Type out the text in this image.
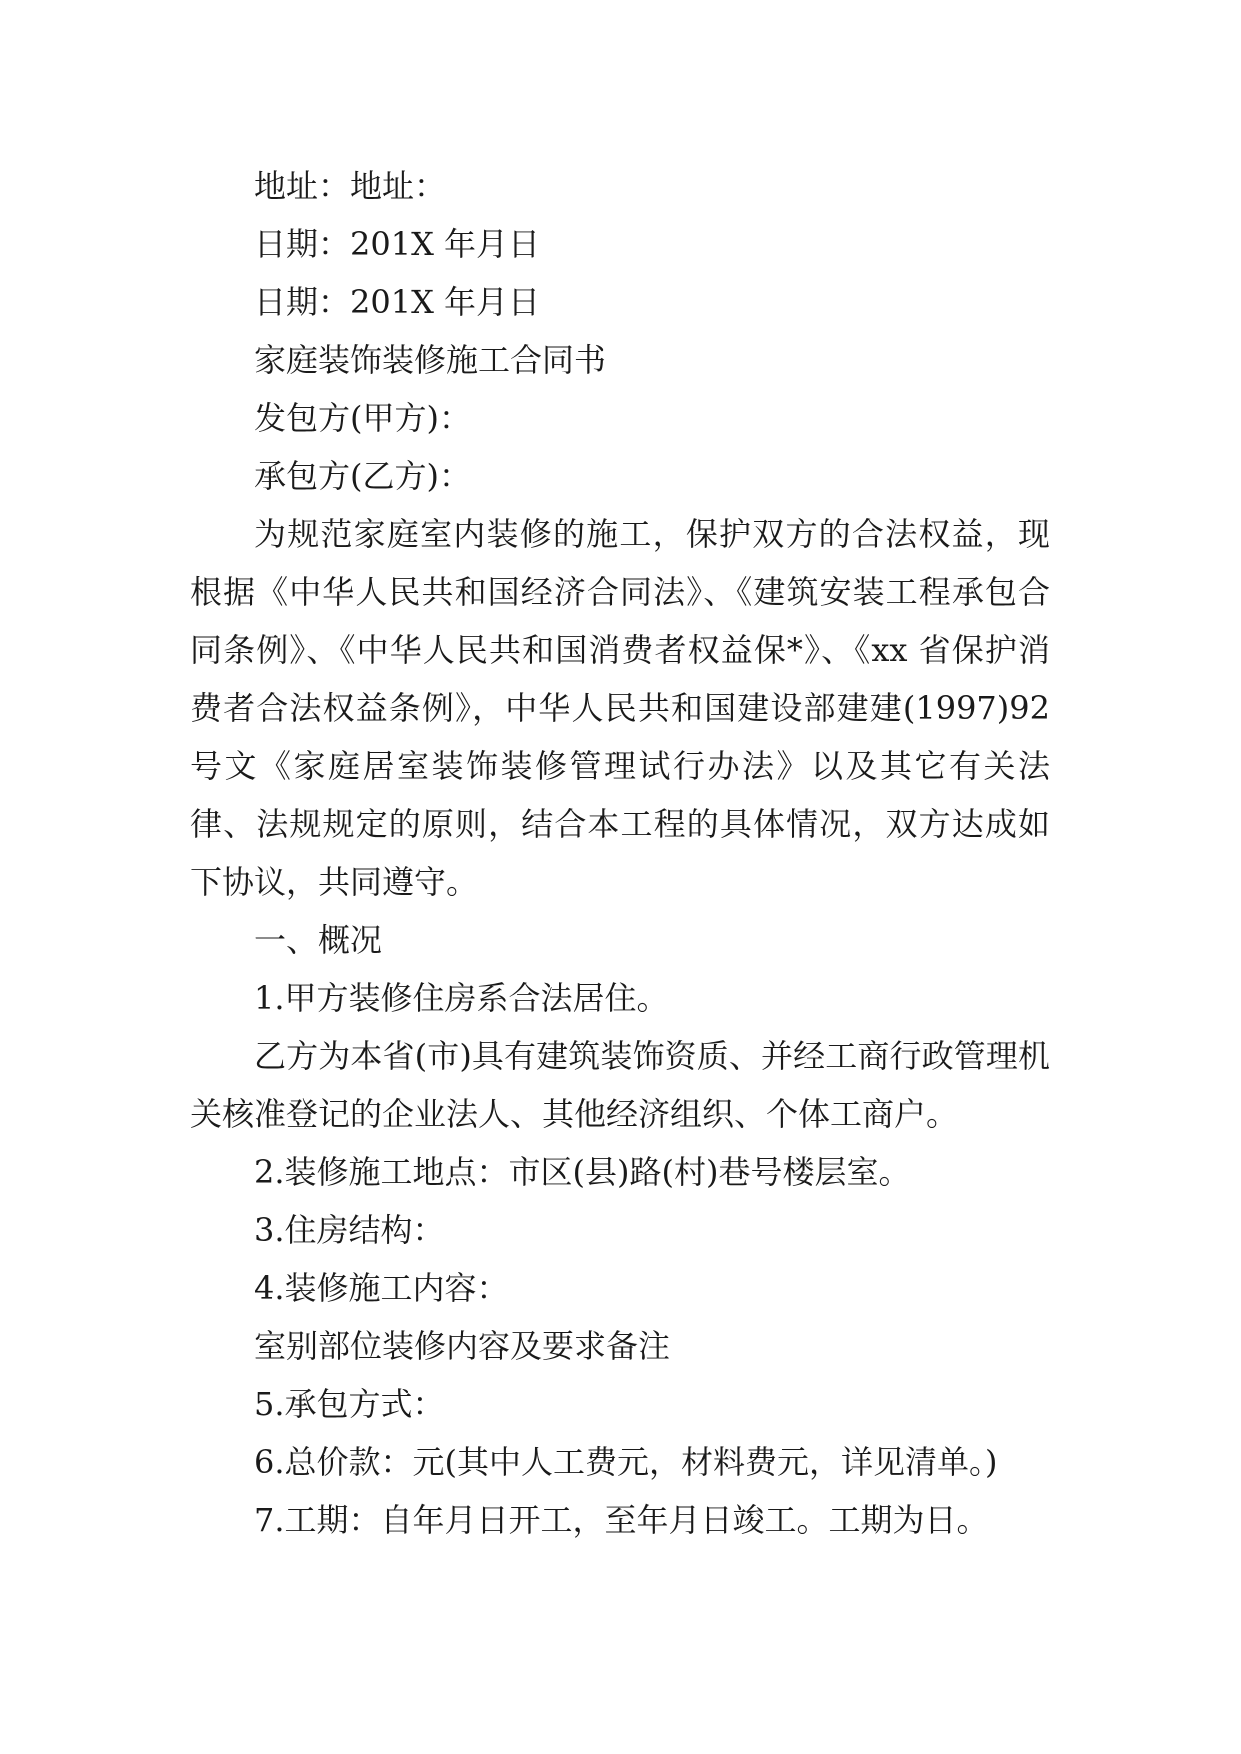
地址：地址：

日期：201X 年月日

日期：201X 年月日

家庭装饰装修施工合同书

发包方(甲方)：

承包方(乙方)：

为规范家庭室内装修的施工，保护双方的合法权益，现根据《中华人民共和国经济合同法》、《建筑安装工程承包合同条例》、《中华人民共和国消费者权益保*》、《xx 省保护消费者合法权益条例》，中华人民共和国建设部建建(1997)92号文《家庭居室装饰装修管理试行办法》以及其它有关法律、法规规定的原则，结合本工程的具体情况，双方达成如下协议，共同遵守。

一、概况

1.甲方装修住房系合法居住。

乙方为本省(市)具有建筑装饰资质、并经工商行政管理机关核准登记的企业法人、其他经济组织、个体工商户。

2.装修施工地点：市区(县)路(村)巷号楼层室。

3.住房结构：

4.装修施工内容：

室别部位装修内容及要求备注

5.承包方式：

6.总价款：元(其中人工费元，材料费元，详见清单。)

7.工期：自年月日开工，至年月日竣工。工期为日。
